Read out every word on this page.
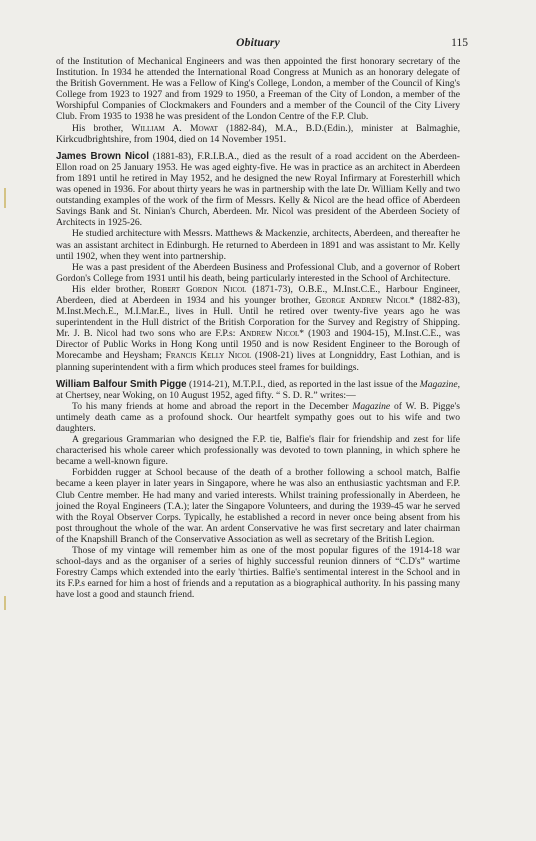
Obituary	115

of the Institution of Mechanical Engineers and was then appointed the first honorary secretary of the Institution. In 1934 he attended the International Road Congress at Munich as an honorary delegate of the British Government. He was a Fellow of King's College, London, a member of the Council of King's College from 1923 to 1927 and from 1929 to 1950, a Freeman of the City of London, a member of the Worshipful Companies of Clockmakers and Founders and a member of the Council of the City Livery Club. From 1935 to 1938 he was president of the London Centre of the F.P. Club.

His brother, William A. Mowat (1882-84), M.A., B.D.(Edin.), minister at Balmaghie, Kirkcudbrightshire, from 1904, died on 14 November 1951.

James Brown Nicol (1881-83), F.R.I.B.A., died as the result of a road accident on the Aberdeen-Ellon road on 25 January 1953. He was aged eighty-five. He was in practice as an architect in Aberdeen from 1891 until he retired in May 1952, and he designed the new Royal Infirmary at Foresterhill which was opened in 1936. For about thirty years he was in partnership with the late Dr. William Kelly and two outstanding examples of the work of the firm of Messrs. Kelly & Nicol are the head office of Aberdeen Savings Bank and St. Ninian's Church, Aberdeen. Mr. Nicol was president of the Aberdeen Society of Architects in 1925-26.

He studied architecture with Messrs. Matthews & Mackenzie, architects, Aberdeen, and thereafter he was an assistant architect in Edinburgh. He returned to Aberdeen in 1891 and was assistant to Mr. Kelly until 1902, when they went into partnership.

He was a past president of the Aberdeen Business and Professional Club, and a governor of Robert Gordon's College from 1931 until his death, being particularly interested in the School of Architecture.

His elder brother, Robert Gordon Nicol (1871-73), O.B.E., M.Inst.C.E., Harbour Engineer, Aberdeen, died at Aberdeen in 1934 and his younger brother, George Andrew Nicol* (1882-83), M.Inst.Mech.E., M.I.Mar.E., lives in Hull. Until he retired over twenty-five years ago he was superintendent in the Hull district of the British Corporation for the Survey and Registry of Shipping. Mr. J. B. Nicol had two sons who are F.P.s: Andrew Nicol* (1903 and 1904-15), M.Inst.C.E., was Director of Public Works in Hong Kong until 1950 and is now Resident Engineer to the Borough of Morecambe and Heysham; Francis Kelly Nicol (1908-21) lives at Longniddry, East Lothian, and is planning superintendent with a firm which produces steel frames for buildings.

William Balfour Smith Pigge (1914-21), M.T.P.I., died, as reported in the last issue of the Magazine, at Chertsey, near Woking, on 10 August 1952, aged fifty. “ S. D. R.” writes:—

To his many friends at home and abroad the report in the December Magazine of W. B. Pigge's untimely death came as a profound shock. Our heartfelt sympathy goes out to his wife and two daughters.

A gregarious Grammarian who designed the F.P. tie, Balfie's flair for friendship and zest for life characterised his whole career which professionally was devoted to town planning, in which sphere he became a well-known figure.

Forbidden rugger at School because of the death of a brother following a school match, Balfie became a keen player in later years in Singapore, where he was also an enthusiastic yachtsman and F.P. Club Centre member. He had many and varied interests. Whilst training professionally in Aberdeen, he joined the Royal Engineers (T.A.); later the Singapore Volunteers, and during the 1939-45 war he served with the Royal Observer Corps. Typically, he established a record in never once being absent from his post throughout the whole of the war. An ardent Conservative he was first secretary and later chairman of the Knapshill Branch of the Conservative Association as well as secretary of the British Legion.

Those of my vintage will remember him as one of the most popular figures of the 1914-18 war school-days and as the organiser of a series of highly successful reunion dinners of “C.D's” wartime Forestry Camps which extended into the early 'thirties. Balfie's sentimental interest in the School and in its F.P.s earned for him a host of friends and a reputation as a biographical authority. In his passing many have lost a good and staunch friend.
